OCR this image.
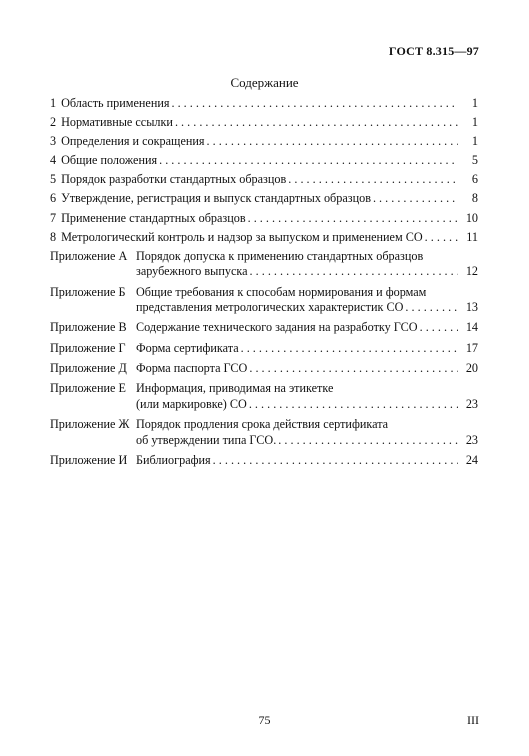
ГОСТ 8.315—97
Содержание
1 Область применения . . .	1
2 Нормативные ссылки . . .	1
3 Определения и сокращения . . .	1
4 Общие положения . . .	5
5 Порядок разработки стандартных образцов . . .	6
6 Утверждение, регистрация и выпуск стандартных образцов . . .	8
7 Применение стандартных образцов . . .	10
8 Метрологический контроль и надзор за выпуском и применением СО . . .	11
Приложение А Порядок допуска к применению стандартных образцов
зарубежного выпуска . . .	12
Приложение Б Общие требования к способам нормирования и формам
представления метрологических характеристик СО . . .	13
Приложение В Содержание технического задания на разработку ГСО . . .	14
Приложение Г Форма сертификата . . .	17
Приложение Д Форма паспорта ГСО . . .	20
Приложение Е Информация, приводимая на этикетке
(или маркировке) СО . . .	23
Приложение Ж Порядок продления срока действия сертификата
об утверждении типа ГСО. . . .	23
Приложение И Библиография . . .	24
75	III
